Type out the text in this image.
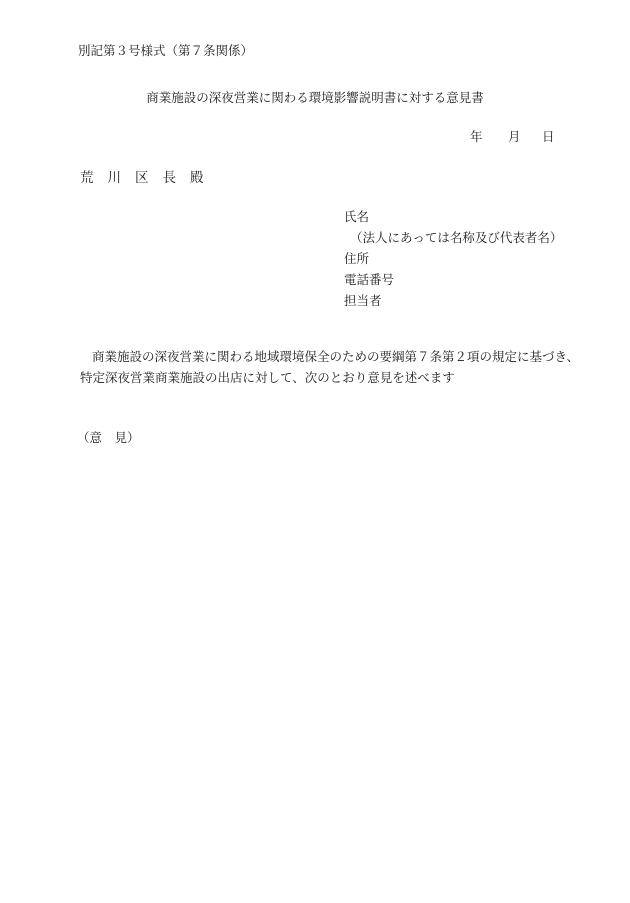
別記第３号様式（第７条関係）
商業施設の深夜営業に関わる環境影響説明書に対する意見書
年 月 日
荒 川 区 長 殿
氏名
（法人にあっては名称及び代表者名）
住所
電話番号
担当者
商業施設の深夜営業に関わる地域環境保全のための要綱第７条第２項の規定に基づき、
特定深夜営業商業施設の出店に対して、次のとおり意見を述べます
（意　見）
